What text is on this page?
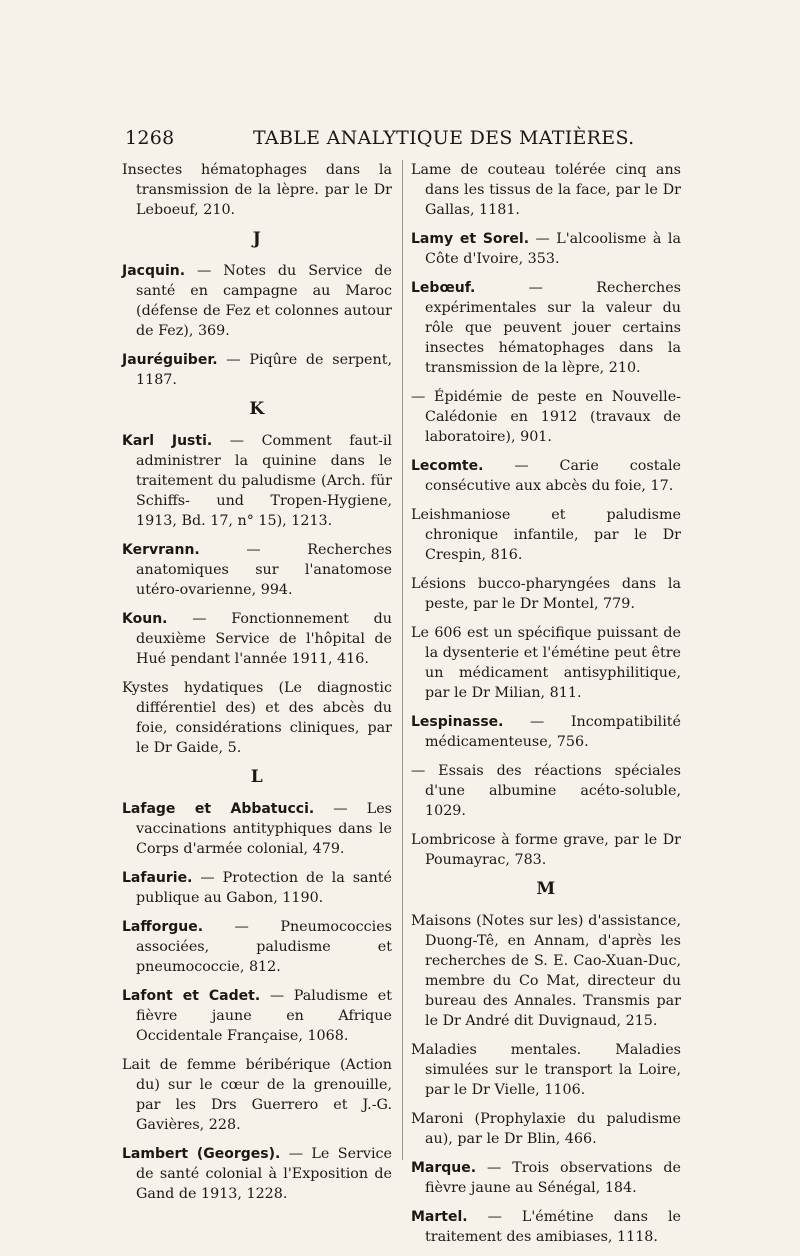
1268	TABLE ANALYTIQUE DES MATIÈRES.
Insectes hématophages dans la transmission de la lèpre. par le Dr Leboeuf, 210.
J
Jacquin. — Notes du Service de santé en campagne au Maroc (défense de Fez et colonnes autour de Fez), 369.
Jauréguiber. — Piqûre de serpent, 1187.
K
Karl Justi. — Comment faut-il administrer la quinine dans le traitement du paludisme (Arch. für Schiffs- und Tropen-Hygiene, 1913, Bd. 17, n° 15), 1213.
Kervrann. — Recherches anatomiques sur l'anatomose utéro-ovarienne, 994.
Koun. — Fonctionnement du deuxième Service de l'hôpital de Hué pendant l'année 1911, 416.
Kystes hydatiques (Le diagnostic différentiel des) et des abcès du foie, considérations cliniques, par le Dr Gaide, 5.
L
Lafage et Abbatucci. — Les vaccinations antityphiques dans le Corps d'armée colonial, 479.
Lafaurie. — Protection de la santé publique au Gabon, 1190.
Lafforgue. — Pneumococcies associées, paludisme et pneumococcie, 812.
Lafont et Cadet. — Paludisme et fièvre jaune en Afrique Occidentale Française, 1068.
Lait de femme béribérique (Action du) sur le cœur de la grenouille, par les Drs Guerrero et J.-G. Gavières, 228.
Lambert (Georges). — Le Service de santé colonial à l'Exposition de Gand de 1913, 1228.
Lame de couteau tolérée cinq ans dans les tissus de la face, par le Dr Gallas, 1181.
Lamy et Sorel. — L'alcoolisme à la Côte d'Ivoire, 353.
Lebœuf. — Recherches expérimentales sur la valeur du rôle que peuvent jouer certains insectes hématophages dans la transmission de la lèpre, 210.
— Épidémie de peste en Nouvelle-Calédonie en 1912 (travaux de laboratoire), 901.
Lecomte. — Carie costale consécutive aux abcès du foie, 17.
Leishmaniose et paludisme chronique infantile, par le Dr Crespin, 816.
Lésions bucco-pharyngées dans la peste, par le Dr Montel, 779.
Le 606 est un spécifique puissant de la dysenterie et l'émétine peut être un médicament antisyphilitique, par le Dr Milian, 811.
Lespinasse. — Incompatibilité médicamenteuse, 756.
— Essais des réactions spéciales d'une albumine acéto-soluble, 1029.
Lombricose à forme grave, par le Dr Poumayrac, 783.
M
Maisons (Notes sur les) d'assistance, Duong-Tê, en Annam, d'après les recherches de S. E. Cao-Xuan-Duc, membre du Co Mat, directeur du bureau des Annales. Transmis par le Dr André dit Duvignaud, 215.
Maladies mentales. Maladies simulées sur le transport la Loire, par le Dr Vielle, 1106.
Maroni (Prophylaxie du paludisme au), par le Dr Blin, 466.
Marque. — Trois observations de fièvre jaune au Sénégal, 184.
Martel. — L'émétine dans le traitement des amibiases, 1118.
